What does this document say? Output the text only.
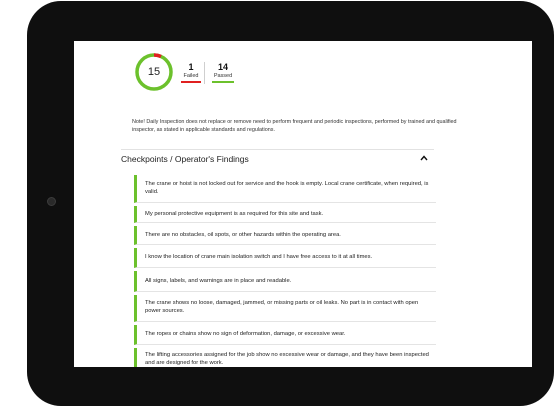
15	1
Failed
14
Passed
Note! Daily Inspection does not replace or remove need to perform frequent and periodic inspections, performed by trained and qualified inspector, as stated in applicable standards and regulations.
Checkpoints / Operator's Findings
The crane or hoist is not locked out for service and the hook is empty. Local crane certificate, when required, is valid.
My personal protective equipment is as required for this site and task.
There are no obstacles, oil spots, or other hazards within the operating area.
I know the location of crane main isolation switch and I have free access to it at all times.
All signs, labels, and warnings are in place and readable.
The crane shows no loose, damaged, jammed, or missing parts or oil leaks. No part is in contact with open power sources.
The ropes or chains show no sign of deformation, damage, or excessive wear.
The lifting accessories assigned for the job show no excessive wear or damage, and they have been inspected and are designed for the work.
